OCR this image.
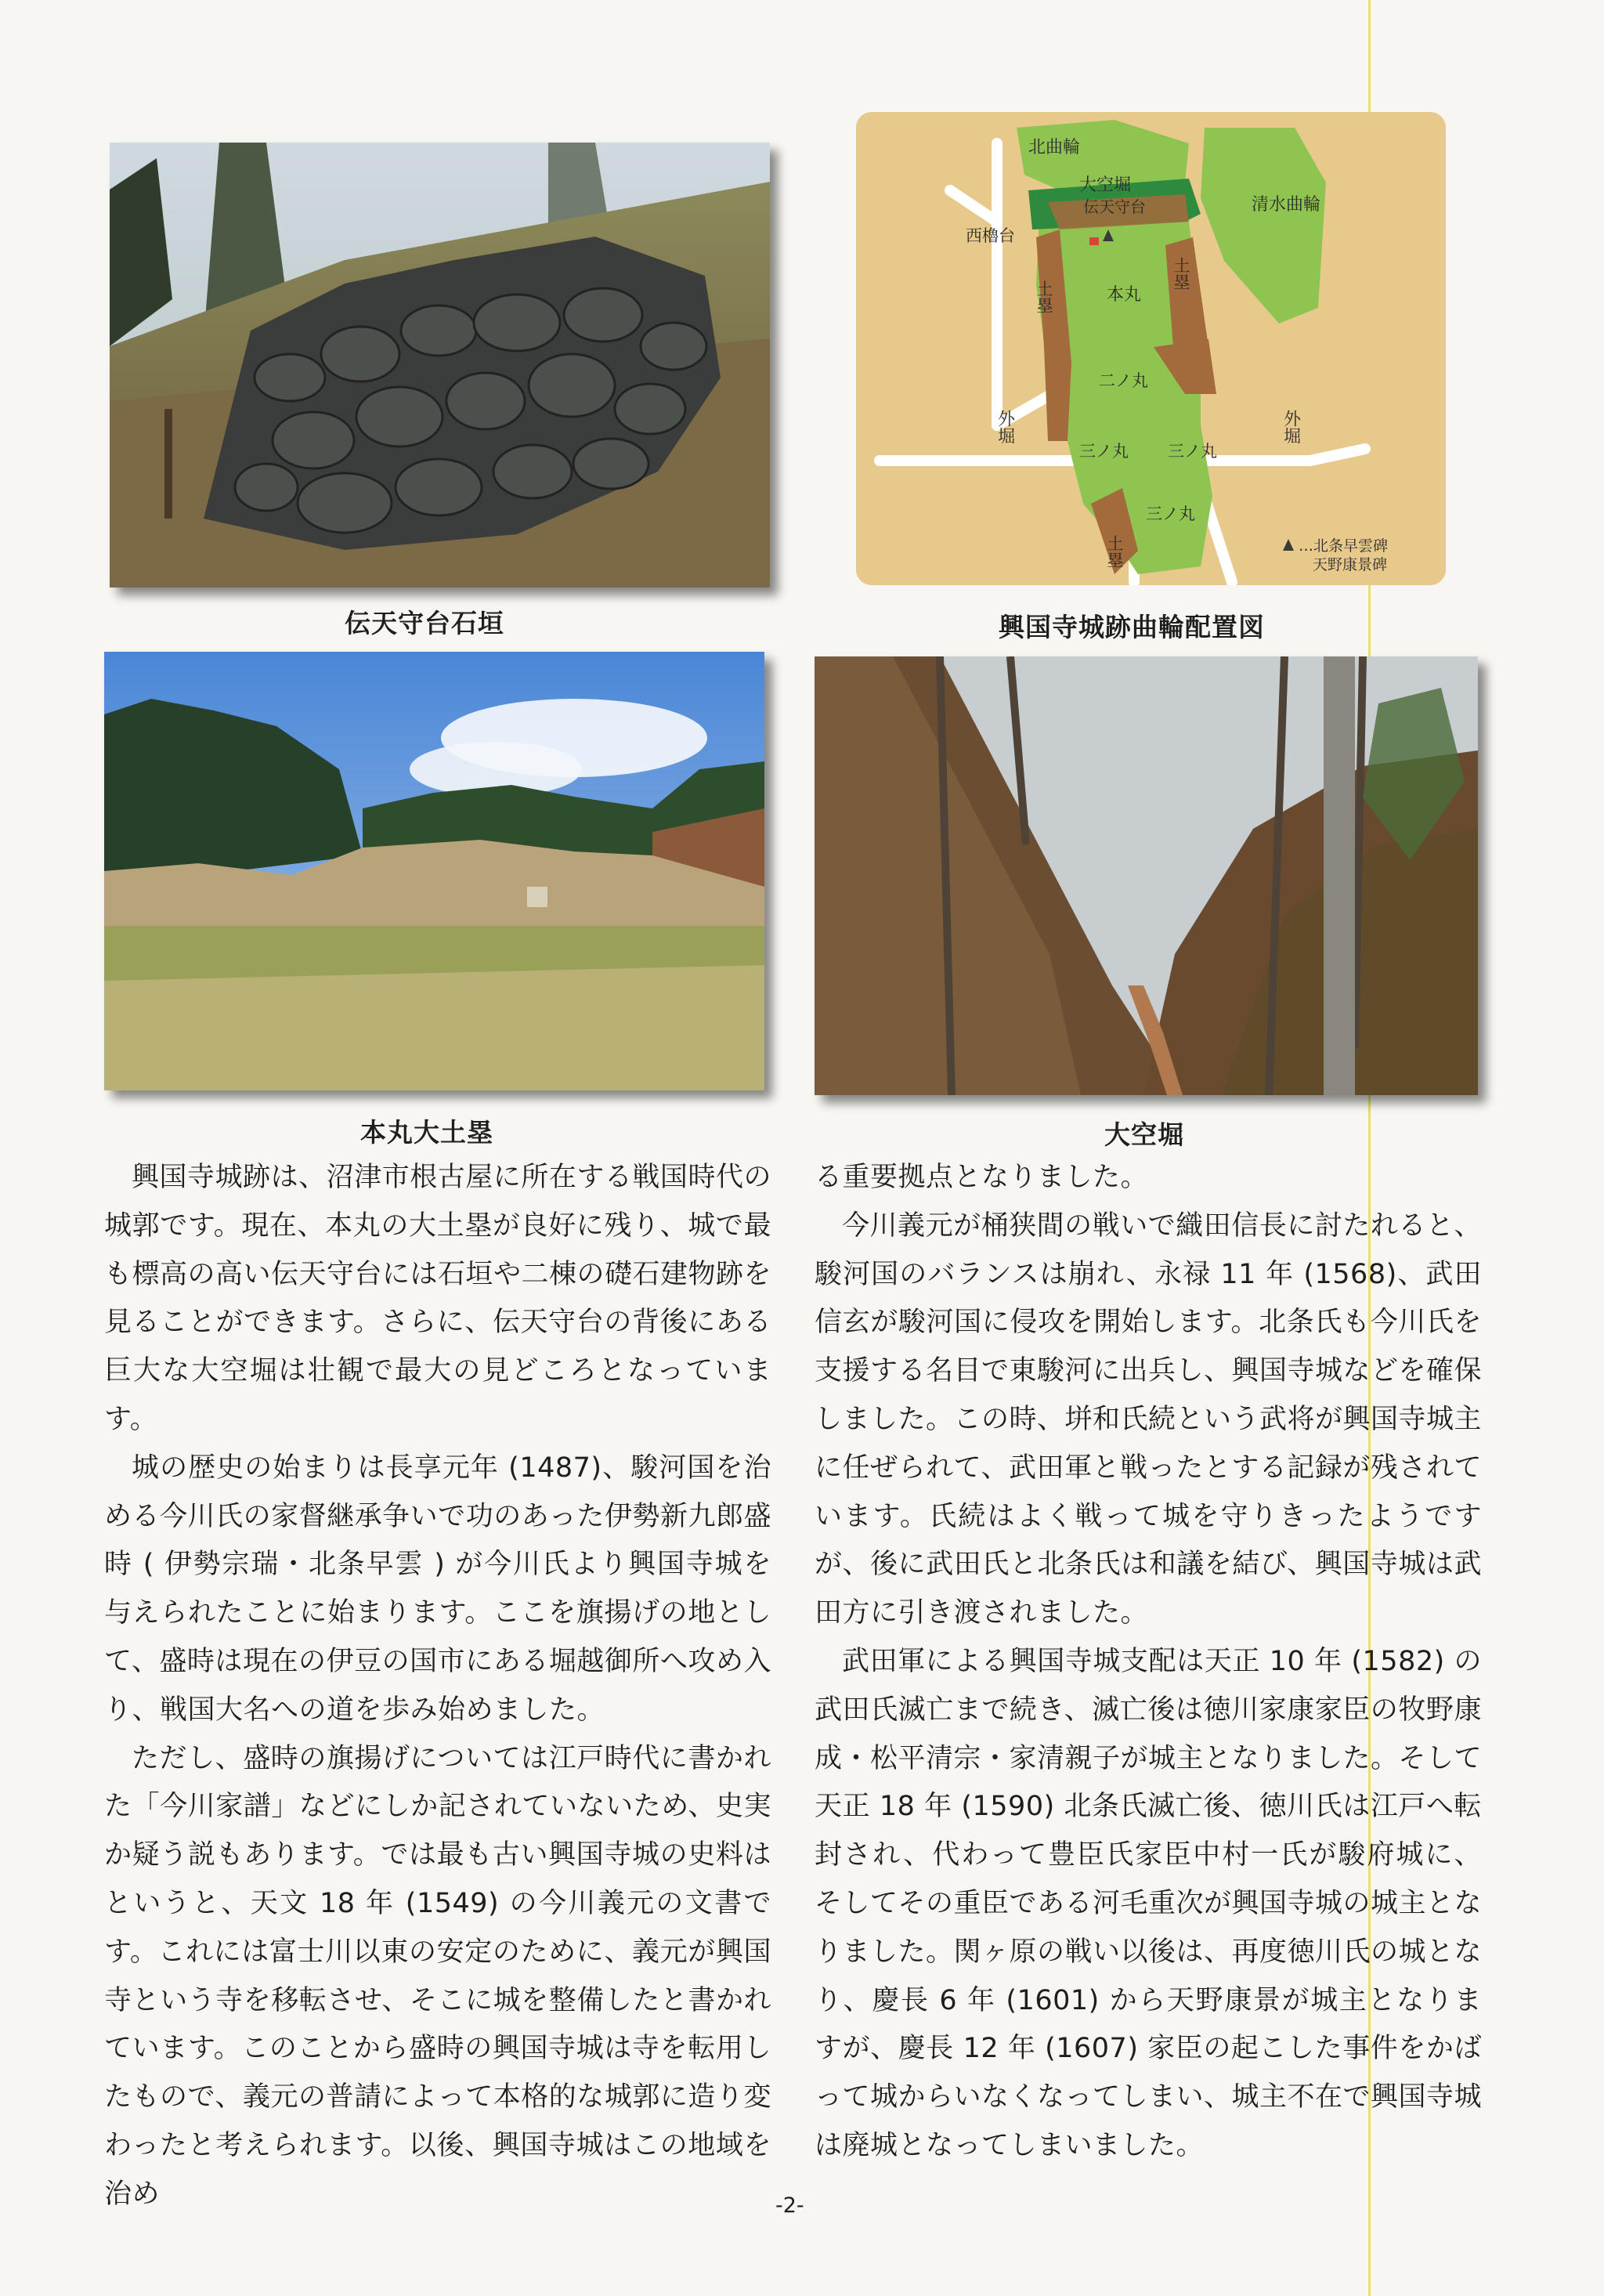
伝天守台石垣
北曲輪
大空堀
伝天守台
西櫓台
清水曲輪
本丸
二ノ丸
三ノ丸 三ノ丸
三ノ丸
外堀	外堀
土塁
土塁
土塁	…北条早雲碑
天野康景碑
興国寺城跡曲輪配置図
本丸大土塁	大空堀

興国寺城跡は、沼津市根古屋に所在する戦国時代の城郭です。現在、本丸の大土塁が良好に残り、城で最も標高の高い伝天守台には石垣や二棟の礎石建物跡を見ることができます。さらに、伝天守台の背後にある巨大な大空堀は壮観で最大の見どころとなっています。

城の歴史の始まりは長享元年 (1487)、駿河国を治める今川氏の家督継承争いで功のあった伊勢新九郎盛時 ( 伊勢宗瑞・北条早雲 ) が今川氏より興国寺城を与えられたことに始まります。ここを旗揚げの地として、盛時は現在の伊豆の国市にある堀越御所へ攻め入り、戦国大名への道を歩み始めました。

ただし、盛時の旗揚げについては江戸時代に書かれた「今川家譜」などにしか記されていないため、史実か疑う説もあります。では最も古い興国寺城の史料はというと、天文 18 年 (1549) の今川義元の文書です。これには富士川以東の安定のために、義元が興国寺という寺を移転させ、そこに城を整備したと書かれています。このことから盛時の興国寺城は寺を転用したもので、義元の普請によって本格的な城郭に造り変わったと考えられます。以後、興国寺城はこの地域を治め

る重要拠点となりました。

今川義元が桶狭間の戦いで織田信長に討たれると、駿河国のバランスは崩れ、永禄 11 年 (1568)、武田信玄が駿河国に侵攻を開始します。北条氏も今川氏を支援する名目で東駿河に出兵し、興国寺城などを確保しました。この時、垪和氏続という武将が興国寺城主に任ぜられて、武田軍と戦ったとする記録が残されています。氏続はよく戦って城を守りきったようですが、後に武田氏と北条氏は和議を結び、興国寺城は武田方に引き渡されました。

武田軍による興国寺城支配は天正 10 年 (1582) の武田氏滅亡まで続き、滅亡後は徳川家康家臣の牧野康成・松平清宗・家清親子が城主となりました。そして天正 18 年 (1590) 北条氏滅亡後、徳川氏は江戸へ転封され、代わって豊臣氏家臣中村一氏が駿府城に、そしてその重臣である河毛重次が興国寺城の城主となりました。関ヶ原の戦い以後は、再度徳川氏の城となり、慶長 6 年 (1601) から天野康景が城主となりますが、慶長 12 年 (1607) 家臣の起こした事件をかばって城からいなくなってしまい、城主不在で興国寺城は廃城となってしまいました。

-2-
